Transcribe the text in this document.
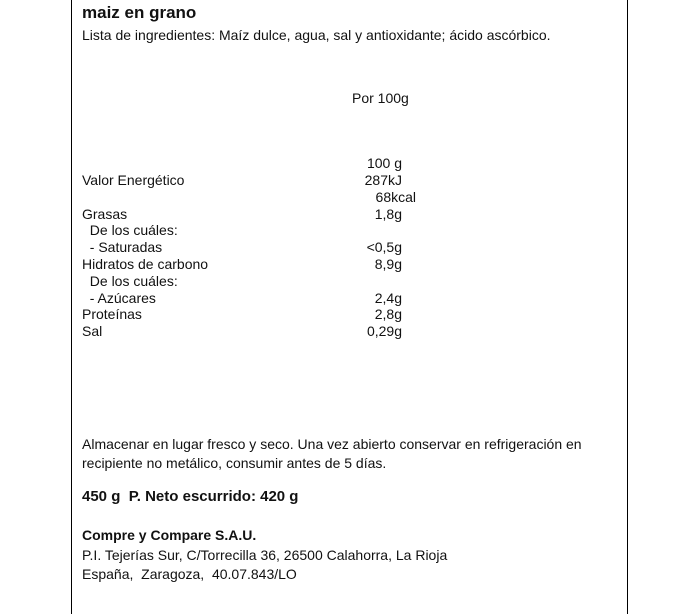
maiz en grano
Lista de ingredientes: Maíz dulce, agua, sal y antioxidante; ácido ascórbico.
Por 100g
100 g
Valor Energético	287kJ
68kcal
Grasas	1,8g
De los cuáles:
- Saturadas	<0,5g
Hidratos de carbono	8,9g
De los cuáles:
- Azúcares	2,4g
Proteínas	2,8g
Sal	0,29g
Almacenar en lugar fresco y seco. Una vez abierto conservar en refrigeración en recipiente no metálico, consumir antes de 5 días.
450 g  P. Neto escurrido: 420 g
Compre y Compare S.A.U.
P.I. Tejerías Sur, C/Torrecilla 36, 26500 Calahorra, La Rioja
España,  Zaragoza,  40.07.843/LO
